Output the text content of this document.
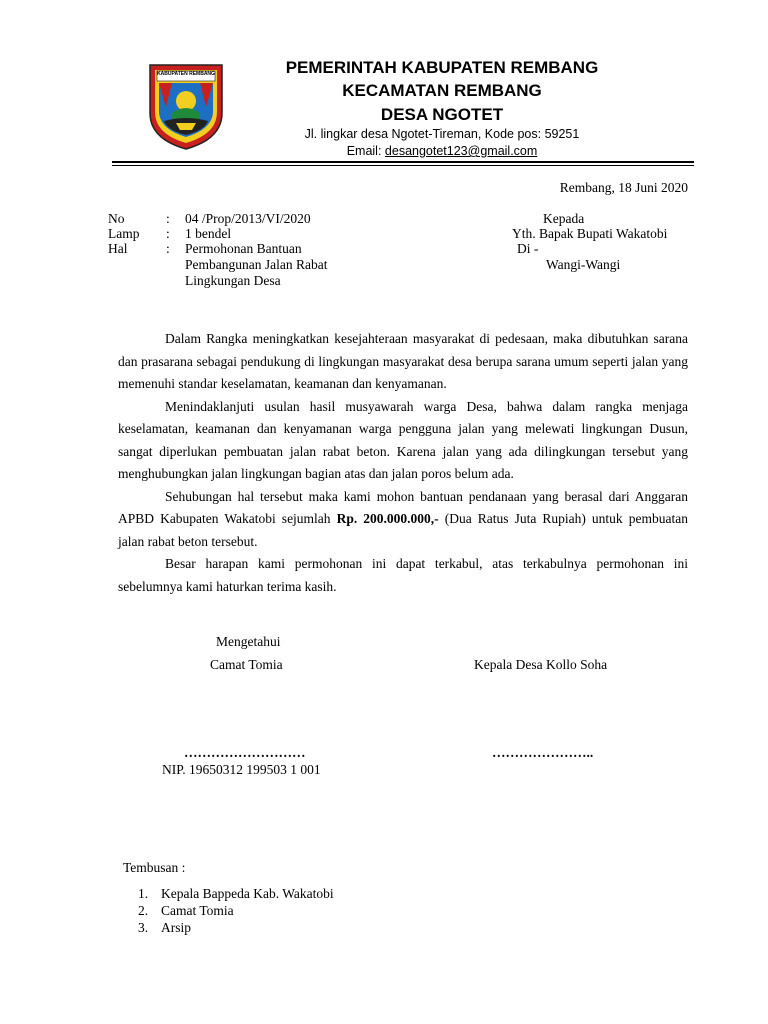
KABUPATEN REMBANG	PEMERINTAH KABUPATEN REMBANG
KECAMATAN REMBANG
DESA NGOTET
Jl. lingkar desa Ngotet-Tireman, Kode pos: 59251
Email: desangotet123@gmail.com
Rembang, 18 Juni 2020
No	: 04 /Prop/2013/VI/2020
Lamp : 1 bendel
Hal	: Permohonan Bantuan
Pembangunan Jalan Rabat
Lingkungan Desa
Kepada
Yth. Bapak Bupati Wakatobi
Di -
Wangi-Wangi

Dalam Rangka meningkatkan kesejahteraan masyarakat di pedesaan, maka dibutuhkan sarana dan prasarana sebagai pendukung di lingkungan masyarakat desa berupa sarana umum seperti jalan yang memenuhi standar keselamatan, keamanan dan kenyamanan.

Menindaklanjuti usulan hasil musyawarah warga Desa, bahwa dalam rangka menjaga keselamatan, keamanan dan kenyamanan warga pengguna jalan yang melewati lingkungan Dusun, sangat diperlukan pembuatan jalan rabat beton. Karena jalan yang ada dilingkungan tersebut yang menghubungkan jalan lingkungan bagian atas dan jalan poros belum ada.

Sehubungan hal tersebut maka kami mohon bantuan pendanaan yang berasal dari Anggaran APBD Kabupaten Wakatobi sejumlah Rp. 200.000.000,- (Dua Ratus Juta Rupiah) untuk pembuatan jalan rabat beton tersebut.

Besar harapan kami permohonan ini dapat terkabul, atas terkabulnya permohonan ini sebelumnya kami haturkan terima kasih.

Mengetahui
Camat Tomia	Kepala Desa Kollo Soha
………………………	…………………..
NIP. 19650312 199503 1 001
Tembusan :
1. Kepala Bappeda Kab. Wakatobi
2. Camat Tomia
3. Arsip
